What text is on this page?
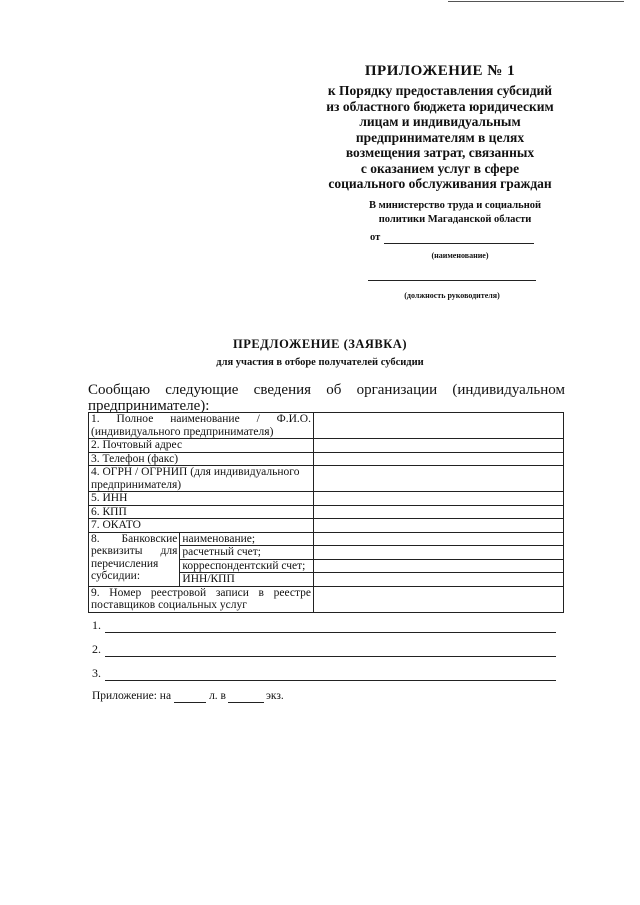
ПРИЛОЖЕНИЕ № 1
к Порядку предоставления субсидий
из областного бюджета юридическим
лицам и индивидуальным
предпринимателям в целях
возмещения затрат, связанных
с оказанием услуг в сфере
социального обслуживания граждан
В министерство труда и социальной
политики Магаданской области
от
(наименование)
(должность руководителя)
ПРЕДЛОЖЕНИЕ (ЗАЯВКА)
для участия в отборе получателей субсидии
Сообщаю следующие сведения об организации (индивидуальном
предпринимателе):
1. Полное наименование / Ф.И.О. (индивидуального предпринимателя)		
2. Почтовый адрес		
3. Телефон (факс)		
4. ОГРН / ОГРНИП (для индивидуального предпринимателя)		
5. ИНН		
6. КПП		
7. ОКАТО		
8. Банковские реквизиты для перечисления субсидии:	наименование;	
	расчетный счет;	
	корреспондентский счет;	
	ИНН/КПП	
9. Номер реестровой записи в реестре поставщиков социальных услуг		
1.
2.
3.
Приложение: на	л. в	экз.
